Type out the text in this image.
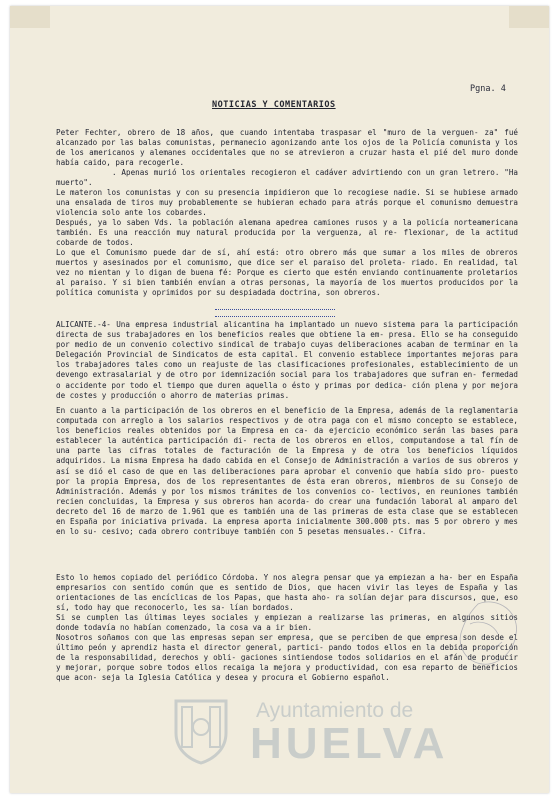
Pgna. 4
NOTICIAS Y COMENTARIOS

Peter Fechter, obrero de 18 años, que cuando intentaba traspasar el "muro de la verguen- za" fué alcanzado por las balas comunistas, permanecio agonizando ante los ojos de la Policía comunista y los de los americanos y alemanes occidentales que no se atrevieron a cruzar hasta el pié del muro donde había caido, para recogerle.

. Apenas murió los orientales recogieron el cadáver advirtiendo con un gran letrero. "Ha muerto".

Le materon los comunistas y con su presencia impidieron que lo recogiese nadie. Si se hubiese armado una ensalada de tiros muy probablemente se hubieran echado para atrás porque el comunismo demuestra violencia solo ante los cobardes.

Después, ya lo saben Vds. la población alemana apedrea camiones rusos y a la policía norteamericana también. Es una reacción muy natural producida por la verguenza, al re- flexionar, de la actitud cobarde de todos.

Lo que el Comunismo puede dar de sí, ahí está: otro obrero más que sumar a los miles de obreros muertos y asesinados por el comunismo, que dice ser el paraiso del proleta- riado. En realidad, tal vez no mientan y lo digan de buena fé: Porque es cierto que estén enviando continuamente proletarios al paraiso. Y si bien también envían a otras personas, la mayoría de los muertos producidos por la política comunista y oprimidos por su despiadada doctrina, son obreros.

ALICANTE.-4- Una empresa industrial alicantina ha implantado un nuevo sistema para la participación directa de sus trabajadores en los beneficios reales que obtiene la em- presa. Ello se ha conseguido por medio de un convenio colectivo sindical de trabajo cuyas deliberaciones acaban de terminar en la Delegación Provincial de Sindicatos de esta capital. El convenio establece importantes mejoras para los trabajadores tales como un reajuste de las clasificaciones profesionales, establecimiento de un devengo extrasalarial y de otro por idemnización social para los trabajadores que sufran en- fermedad o accidente por todo el tiempo que duren aquella o ésto y primas por dedica- ción plena y por mejora de costes y producción o ahorro de materias primas.

En cuanto a la participación de los obreros en el beneficio de la Empresa, además de la reglamentaria computada con arreglo a los salarios respectivos y de otra paga con el mismo concepto se establece, los beneficios reales obtenidos por la Empresa en ca- da ejercicio económico serán las bases para establecer la auténtica participación di- recta de los obreros en ellos, computandose a tal fín de una parte las cifras totales de facturación de la Empresa y de otra los beneficios líquidos adquiridos. La misma Empresa ha dado cabida en el Consejo de Administración a varios de sus obreros y así se dió el caso de que en las deliberaciones para aprobar el convenio que había sido pro- puesto por la propia Empresa, dos de los representantes de ésta eran obreros, miembros de su Consejo de Administración. Además y por los mismos trámites de los convenios co- lectivos, en reuniones también recien concluidas, la Empresa y sus obreros han acorda- do crear una fundación laboral al amparo del decreto del 16 de marzo de 1.961 que es también una de las primeras de esta clase que se establecen en España por iniciativa privada. La empresa aporta inicialmente 300.000 pts. mas 5 por obrero y mes en lo su- cesivo; cada obrero contribuye también con 5 pesetas mensuales.- Cifra.

Esto lo hemos copiado del periódico Córdoba. Y nos alegra pensar que ya empiezan a ha- ber en España empresarios con sentido común que es sentido de Dios, que hacen vivir las leyes de España y las orientaciones de las encíclicas de los Papas, que hasta aho- ra solían dejar para discursos, que, eso sí, todo hay que reconocerlo, les sa- lían bordados.

Si se cumplen las últimas leyes sociales y empiezan a realizarse las primeras, en algunos sitios donde todavía no habían comenzado, la cosa va a ir bien.

Nosotros soñamos con que las empresas sepan ser empresa, que se perciben de que empresa son desde el último peón y aprendiz hasta el director general, partici- pando todos ellos en la debida proporción de la responsabilidad, derechos y obli- gaciones sintiendose todos solidarios en el afán de producir y mejorar, porque sobre todos ellos recaiga la mejora y productividad, con esa reparto de beneficios que acon- seja la Iglesia Católica y desea y procura el Gobierno español.

Ayuntamiento de
HUELVA
